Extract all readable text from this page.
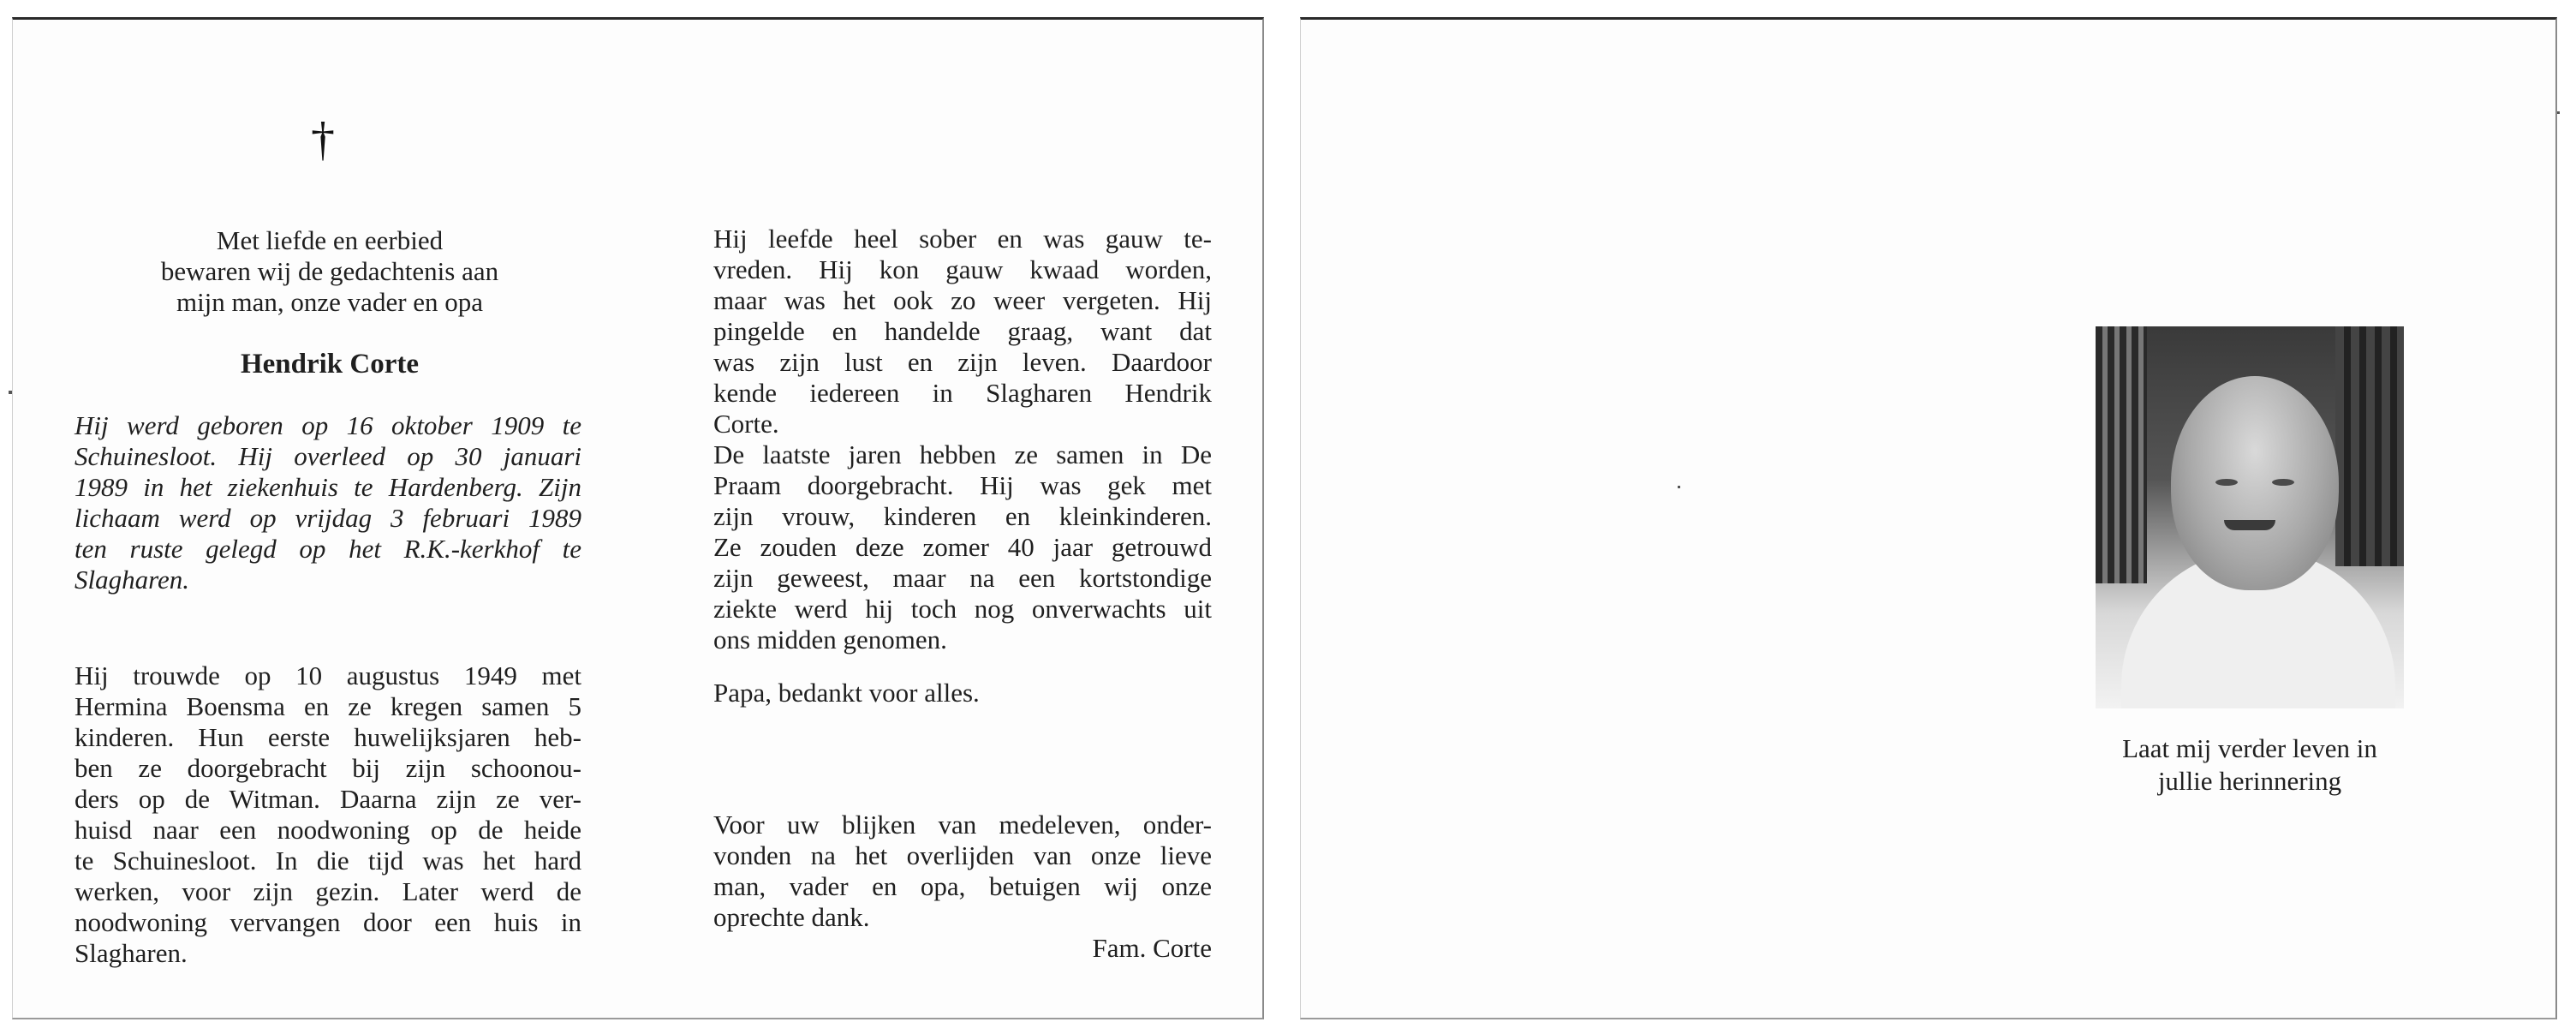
†
Met liefde en eerbied
bewaren wij de gedachtenis aan
mijn man, onze vader en opa
Hendrik Corte
Hij werd geboren op 16 oktober 1909 te
Schuinesloot. Hij overleed op 30 januari
1989 in het ziekenhuis te Hardenberg. Zijn
lichaam werd op vrijdag 3 februari 1989
ten ruste gelegd op het R.K.-kerkhof te
Slagharen.
Hij trouwde op 10 augustus 1949 met
Hermina Boensma en ze kregen samen 5
kinderen. Hun eerste huwelijksjaren heb-
ben ze doorgebracht bij zijn schoonou-
ders op de Witman. Daarna zijn ze ver-
huisd naar een noodwoning op de heide
te Schuinesloot. In die tijd was het hard
werken, voor zijn gezin. Later werd de
noodwoning vervangen door een huis in
Slagharen.
Hij leefde heel sober en was gauw te-
vreden. Hij kon gauw kwaad worden,
maar was het ook zo weer vergeten. Hij
pingelde en handelde graag, want dat
was zijn lust en zijn leven. Daardoor
kende iedereen in Slagharen Hendrik
Corte.
De laatste jaren hebben ze samen in De
Praam doorgebracht. Hij was gek met
zijn vrouw, kinderen en kleinkinderen.
Ze zouden deze zomer 40 jaar getrouwd
zijn geweest, maar na een kortstondige
ziekte werd hij toch nog onverwachts uit
ons midden genomen.
Papa, bedankt voor alles.
Voor uw blijken van medeleven, onder-
vonden na het overlijden van onze lieve
man, vader en opa, betuigen wij onze
oprechte dank.
Fam. Corte
Laat mij verder leven in
jullie herinnering
